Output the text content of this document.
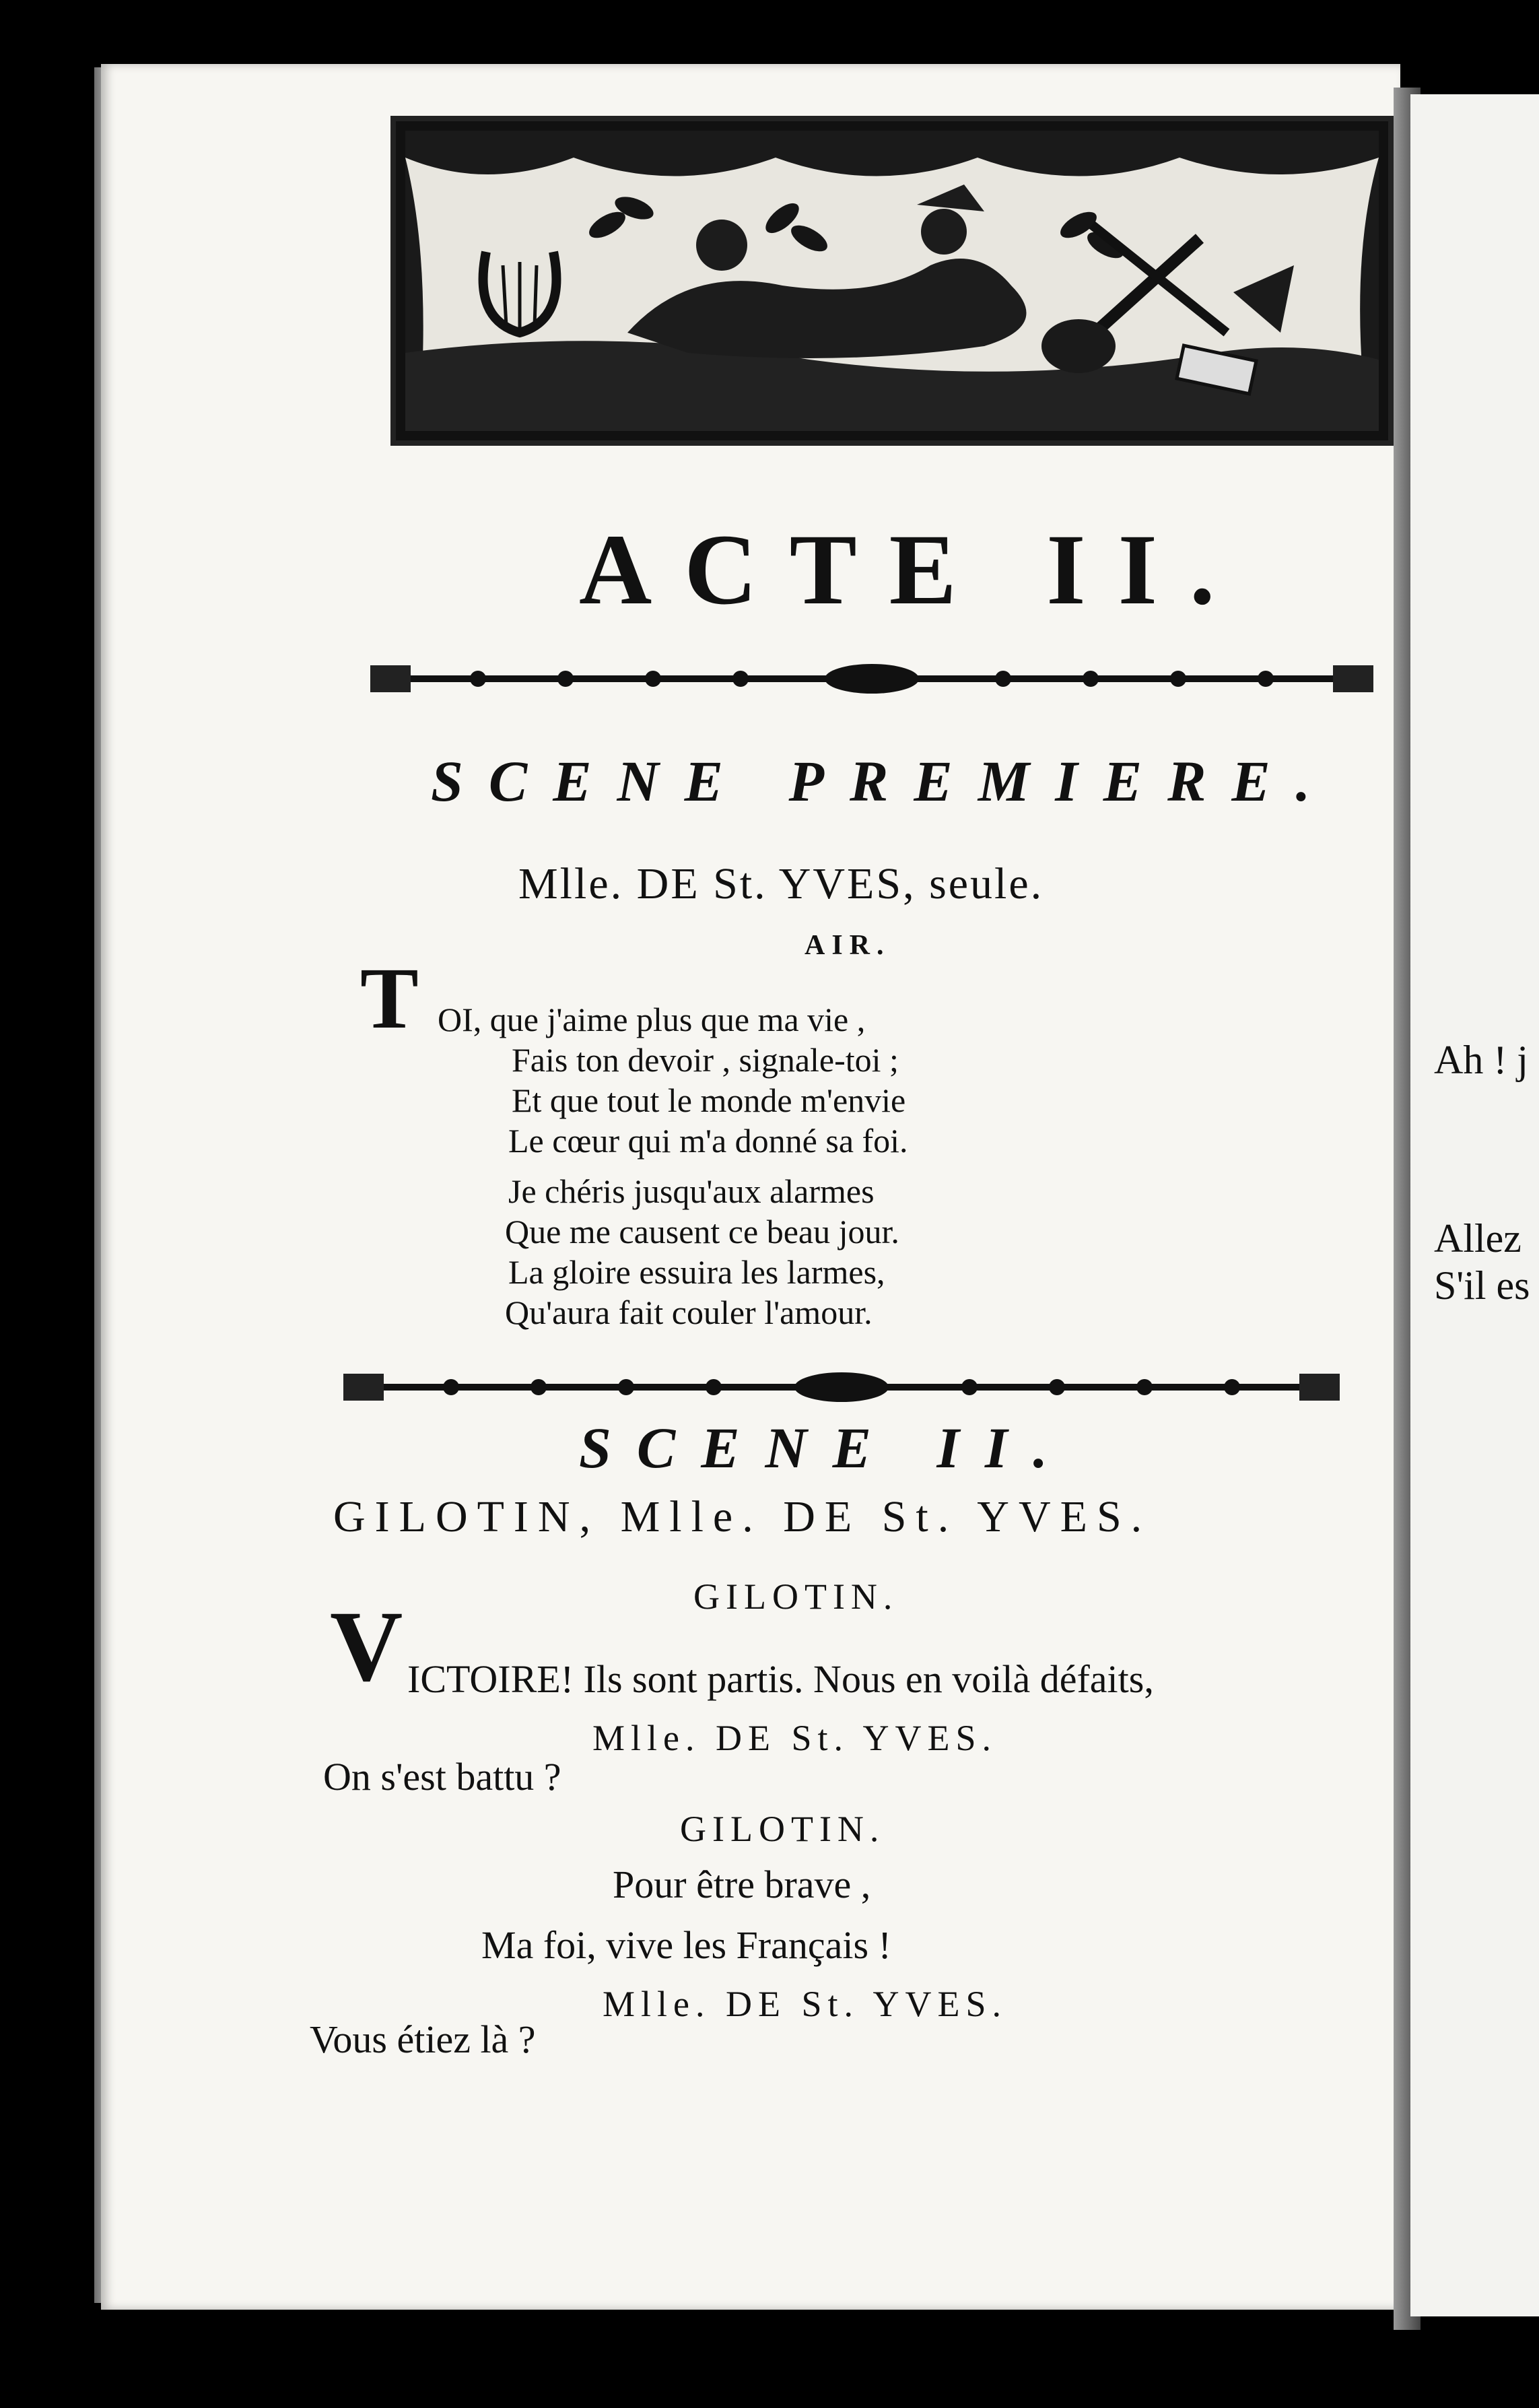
Ah ! j
Allez
S'il es
ACTE II.
SCENE PREMIERE.
Mlle. DE St. YVES, seule.
AIR.
T OI, que j'aime plus que ma vie ,
Fais ton devoir , signale-toi ;
Et que tout le monde m'envie
Le cœur qui m'a donné sa foi.
Je chéris jusqu'aux alarmes
Que me causent ce beau jour.
La gloire essuira les larmes,
Qu'aura fait couler l'amour.
SCENE II.
GILOTIN, Mlle. DE St. YVES.
GILOTIN.
V ICTOIRE! Ils sont partis. Nous en voilà défaits,
Mlle. DE St. YVES.
On s'est battu ?
GILOTIN.
Pour être brave ,
Ma foi, vive les Français !
Mlle. DE St. YVES.
Vous étiez là ?
